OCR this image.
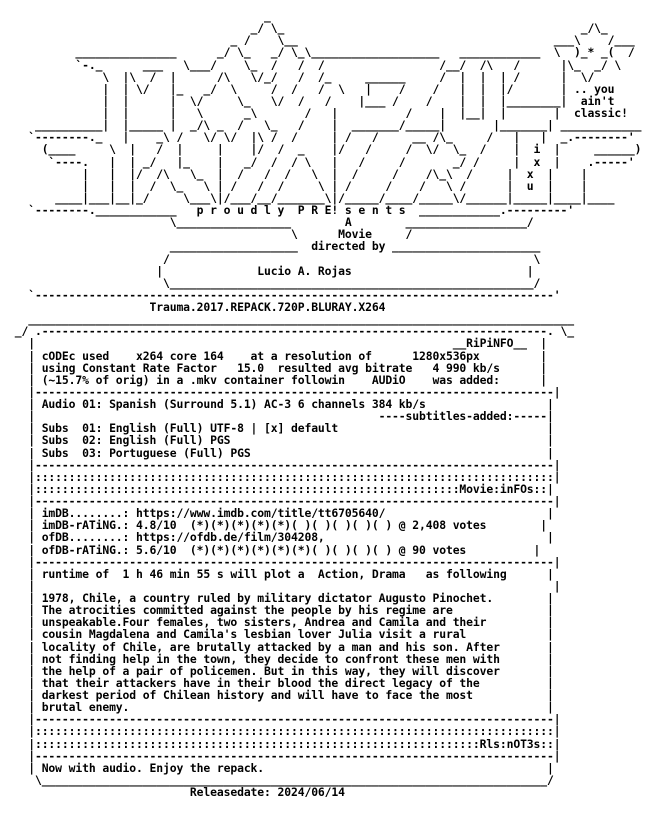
_
_/ \_                                            _/\_
_ /    \__                                      ___\    /___
_______________      _/ \_   _/ \_\___________________   ____________  \  )_* _(  /
`-._      ___   \___/    \_  /   /  /                 /__/  /\   /      |\_  _/ \
\  |\  /  |      /\   \/_/   /  /_     ______     /  |  |  | /      |  \/
|  | \/   |_   _/  \     /  /   /  \   |    /    /   |  |  |/       | .. you
|  |      |  \/     \_   \/  /   /    |___ /    /    |  |  |________|  ain't
|  |      |   \      _\       /   |          /    |  |__|  |       |  classic!
__________|  |_____ |  _/\ _  /   \_   /    |  _______/_____|       |_______| ____________
`--------._   |    _\ /   \/ \/  |\ /  /     | /   /     __ /\_     /   |   |  _.--------'
(____     \  |   /  |     |    |/  /  _    |/   /     /  \/  \_  /    |  i  |     ______)
`----.   |  | _/   |_    |   _/  /  / \   |   /     /       _/ /     |  x  |    .-----'
|   |  |/  /\   \_  |  /   /  /   \  |  /     /    /\_\  /     |  x  |    |
|   |  |  /  \_   \ | /   /  /     \ | /     /    /   \ /      |  u  |    |
____|___|__|_/     \___\|/___/__/_______\|/_____/____/_____\/______|_____|____|____
`--------.____________   p r o u d l y  P R E! s e n t s  ____________.---------'
\_________________        A        __________________/
\      Movie     /
___________________  directed by ______________________
/                                                      \
|              Lucio A. Rojas                          |
\______________________________________________________/
`-----------------------------------------------------------------------------'
Trauma.2017.REPACK.720P.BLURAY.X264
_________________________________________________________________________________
_/ .---------------------------------------------------------------------------. \_
|                                                              __RiPiNFO__  |
| cODEc used    x264 core 164    at a resolution of      1280x536px         |
| using Constant Rate Factor   15.0  resulted avg bitrate   4 990 kb/s      |
| (~15.7% of orig) in a .mkv container followin    AUDiO    was added:      |
|-----------------------------------------------------------------------------|
| Audio 01: Spanish (Surround 5.1) AC-3 6 channels 384 kb/s                  |
|                                                   ----subtitles-added:-----|
| Subs  01: English (Full) UTF-8 | [x] default                               |
| Subs  02: English (Full) PGS                                               |
| Subs  03: Portuguese (Full) PGS                                            |
|-----------------------------------------------------------------------------|
|:::::::::::::::::::::::::::::::::::::::::::::::::::::::::::::::::::::::::::::|
|:::::::::::::::::::::::::::::::::::::::::::::::::::::::::::::::Movie:inFOs::|
|-----------------------------------------------------------------------------|
| imDB........: https://www.imdb.com/title/tt6705640/                        |
| imDB-rATiNG.: 4.8/10  (*)(*)(*)(*)(*)( )( )( )( )( ) @ 2,408 votes        |
| ofDB........: https://ofdb.de/film/304208,                                 |
| ofDB-rATiNG.: 5.6/10  (*)(*)(*)(*)(*)(*)( )( )( )( ) @ 90 votes          |
|-----------------------------------------------------------------------------|
| runtime of  1 h 46 min 55 s will plot a  Action, Drama   as following      |
|                                                                             |
| 1978, Chile, a country ruled by military dictator Augusto Pinochet.        |
| The atrocities committed against the people by his regime are              |
| unspeakable.Four females, two sisters, Andrea and Camila and their         |
| cousin Magdalena and Camila's lesbian lover Julia visit a rural            |
| locality of Chile, are brutally attacked by a man and his son. After       |
| not finding help in the town, they decide to confront these men with       |
| the help of a pair of policemen. But in this way, they will discover       |
| that their attackers have in their blood the direct legacy of the          |
| darkest period of Chilean history and will have to face the most           |
| brutal enemy.                                                              |
|-----------------------------------------------------------------------------|
|:::::::::::::::::::::::::::::::::::::::::::::::::::::::::::::::::::::::::::::|
|::::::::::::::::::::::::::::::::::::::::::::::::::::::::::::::::::Rls:nOT3s::|
|-----------------------------------------------------------------------------|
| Now with audio. Enjoy the repack.                                          |
\___________________________________________________________________________/
Releasedate: 2024/06/14
